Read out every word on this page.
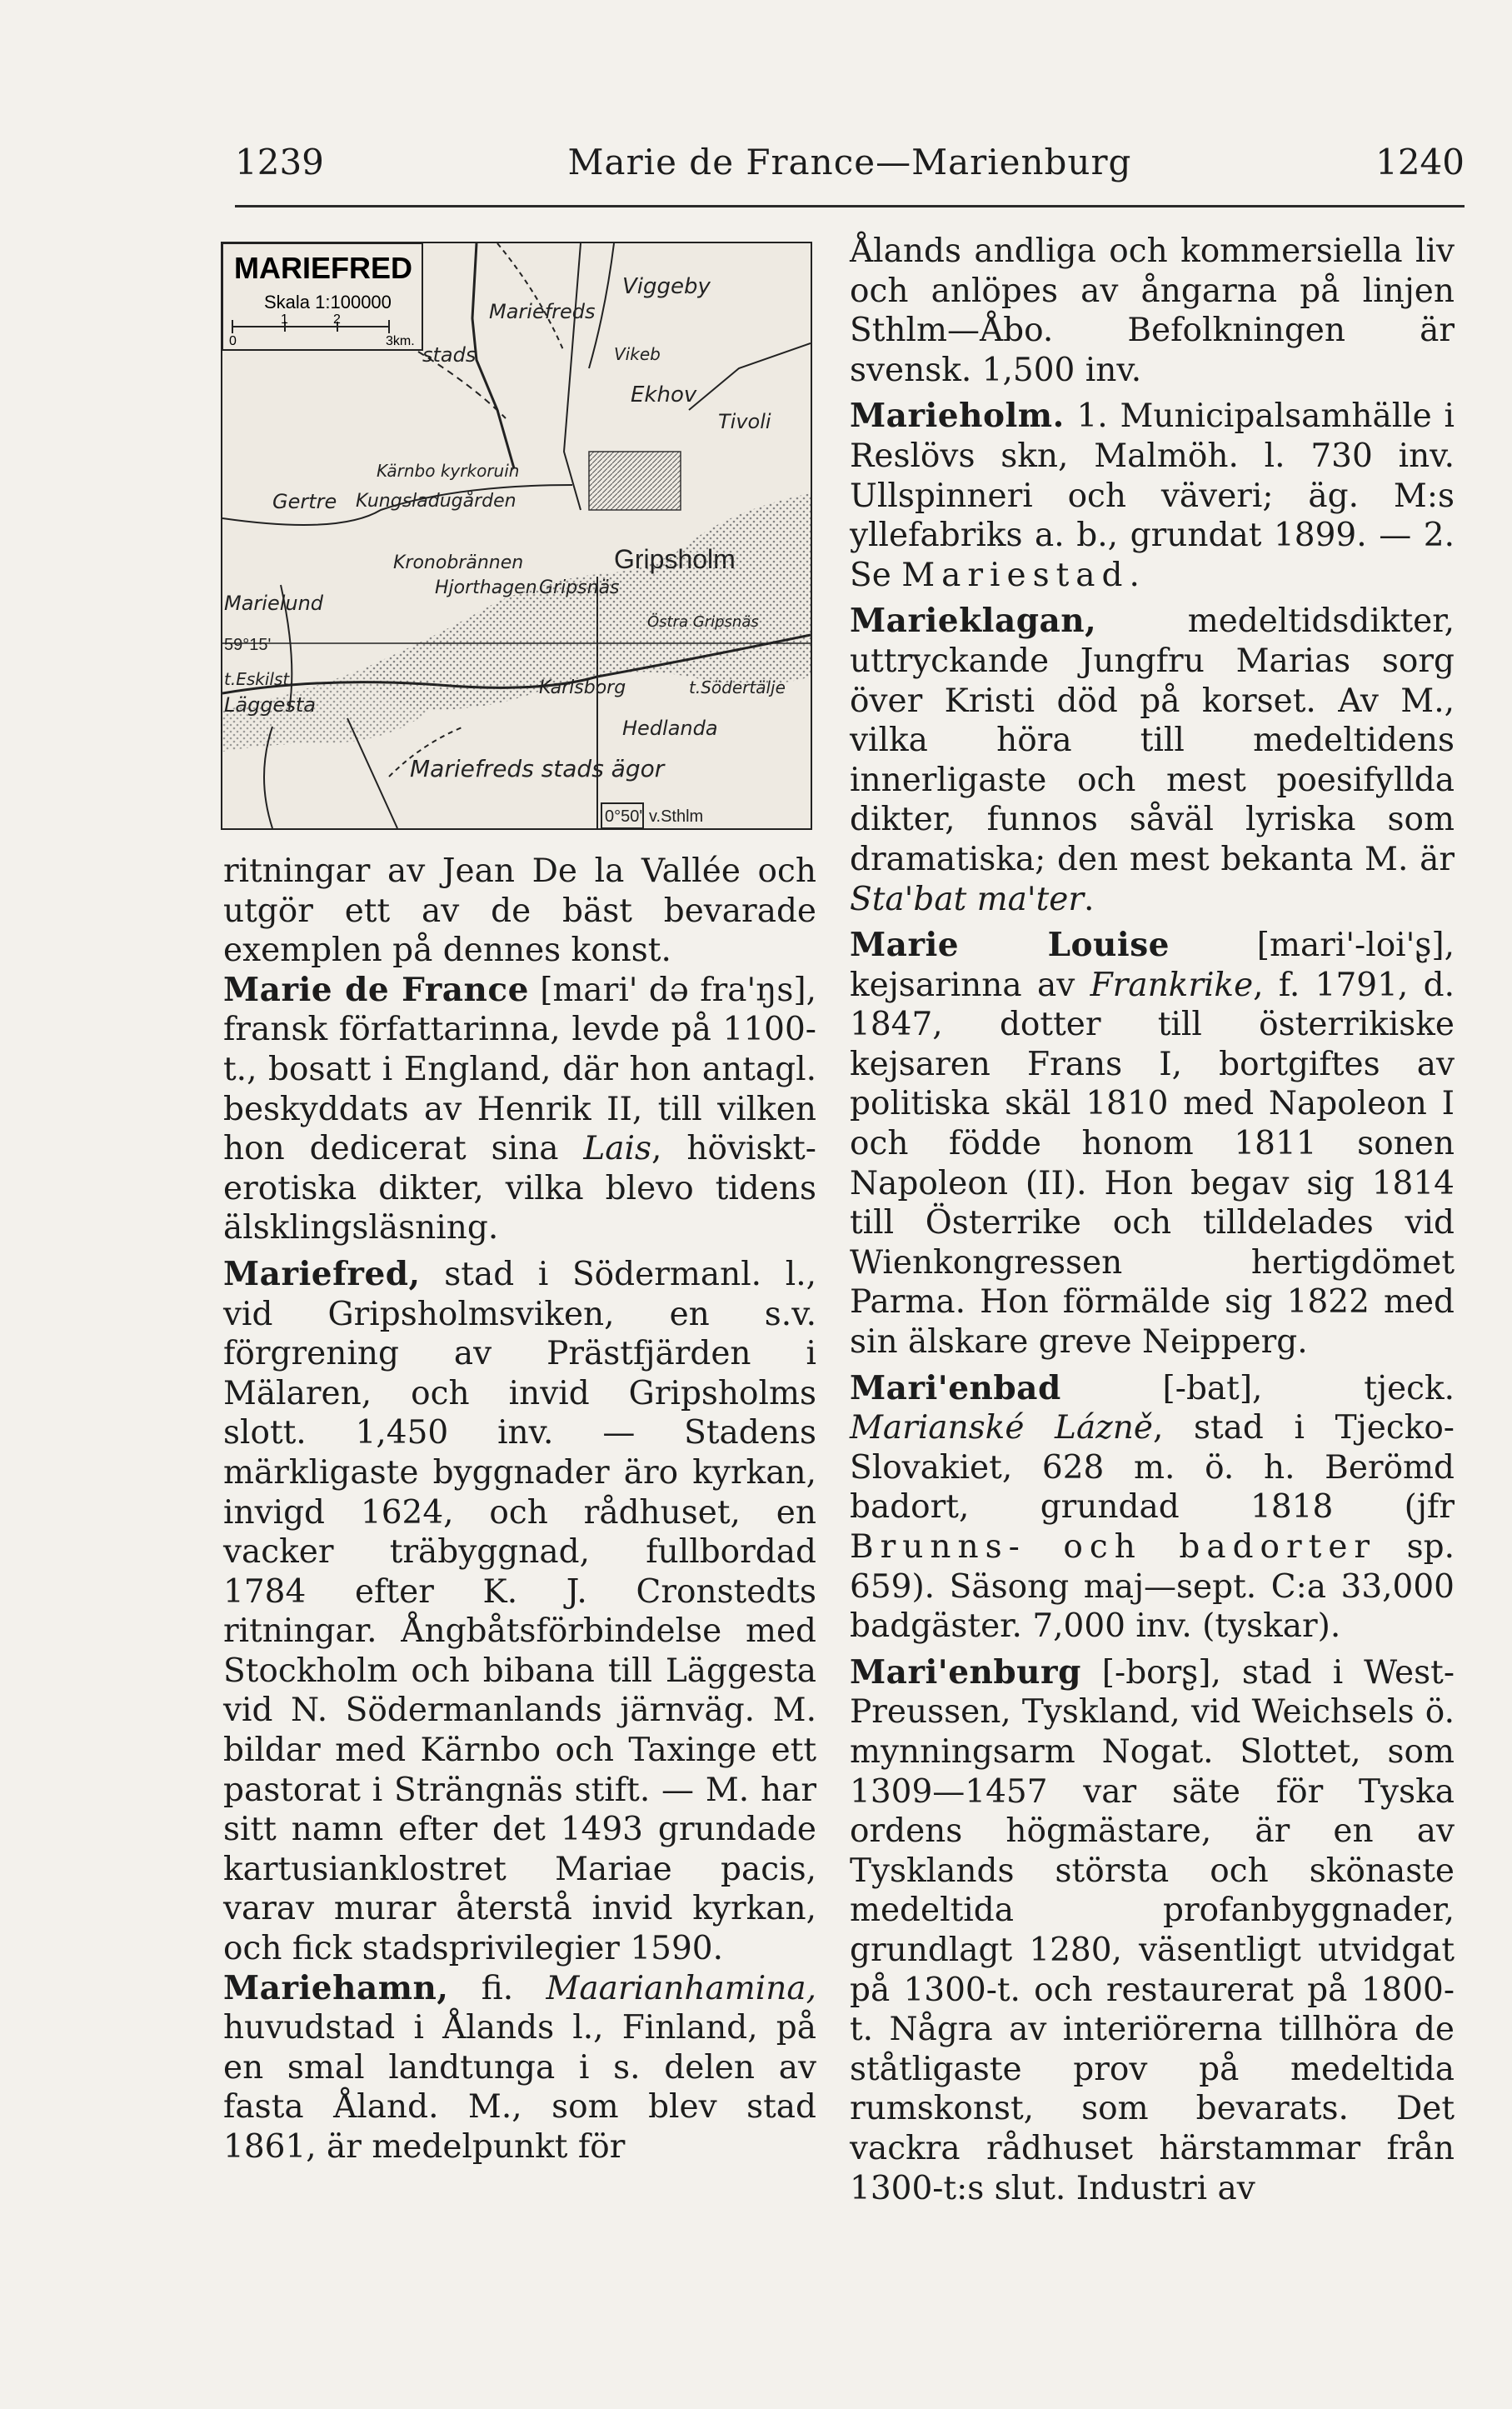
1239	Marie de France—Marienburg	1240
MARIEFRED
Skala 1:100000
0
1	2
3km.
Viggeby
Mariefreds
stads
Ekhov
Tivoli
Kärnbo kyrkoruin
Gertre Kungsladugården
Kronobrännen
Hjorthagen
Gripsholm
Gripsnäs
Marielund
59°15'
t.Eskilst.
Läggesta
Karlsborg	t.Södertälje
Hedlanda
Mariefreds stads ägor
0°50' v.Sthlm
Vikeb
Östra Gripsnäs

ritningar av Jean De la Vallée och utgör ett av de bäst bevarade exemplen på dennes konst.

Marie de France [mari' də fra'ŋs], fransk författarinna, levde på 1100-t., bosatt i England, där hon antagl. beskyddats av Henrik II, till vilken hon dedicerat sina Lais, höviskt-erotiska dikter, vilka blevo tidens älsklingsläsning.

Mariefred, stad i Södermanl. l., vid Gripsholmsviken, en s.v. förgrening av Prästfjärden i Mälaren, och invid Gripsholms slott. 1,450 inv. — Stadens märkligaste byggnader äro kyrkan, invigd 1624, och rådhuset, en vacker träbyggnad, fullbordad 1784 efter K. J. Cronstedts ritningar. Ångbåtsförbindelse med Stockholm och bibana till Läggesta vid N. Södermanlands järnväg. M. bildar med Kärnbo och Taxinge ett pastorat i Strängnäs stift. — M. har sitt namn efter det 1493 grundade kartusianklostret Mariae pacis, varav murar återstå invid kyrkan, och fick stadsprivilegier 1590.

Mariehamn, fi. Maarianhamina, huvudstad i Ålands l., Finland, på en smal landtunga i s. delen av fasta Åland. M., som blev stad 1861, är medelpunkt för

Ålands andliga och kommersiella liv och anlöpes av ångarna på linjen Sthlm—Åbo. Befolkningen är svensk. 1,500 inv.

Marieholm. 1. Municipalsamhälle i Reslövs skn, Malmöh. l. 730 inv. Ullspinneri och väveri; äg. M:s yllefabriks a. b., grundat 1899. — 2. Se Mariestad.

Marieklagan, medeltidsdikter, uttryckande Jungfru Marias sorg över Kristi död på korset. Av M., vilka höra till medeltidens innerligaste och mest poesifyllda dikter, funnos såväl lyriska som dramatiska; den mest bekanta M. är Sta'bat ma'ter.

Marie Louise [mari'-loi'ʂ], kejsarinna av Frankrike, f. 1791, d. 1847, dotter till österrikiske kejsaren Frans I, bortgiftes av politiska skäl 1810 med Napoleon I och födde honom 1811 sonen Napoleon (II). Hon begav sig 1814 till Österrike och tilldelades vid Wienkongressen hertigdömet Parma. Hon förmälde sig 1822 med sin älskare greve Neipperg.

Mari'enbad [-bat], tjeck. Marianské Lázně, stad i Tjecko-Slovakiet, 628 m. ö. h. Berömd badort, grundad 1818 (jfr Brunns- och badorter sp. 659). Säsong maj—sept. C:a 33,000 badgäster. 7,000 inv. (tyskar).

Mari'enburg [-borʂ], stad i West-Preussen, Tyskland, vid Weichsels ö. mynningsarm Nogat. Slottet, som 1309—1457 var säte för Tyska ordens högmästare, är en av Tysklands största och skönaste medeltida profanbyggnader, grundlagt 1280, väsentligt utvidgat på 1300-t. och restaurerat på 1800-t. Några av interiörerna tillhöra de ståtligaste prov på medeltida rumskonst, som bevarats. Det vackra rådhuset härstammar från 1300-t:s slut. Industri av
